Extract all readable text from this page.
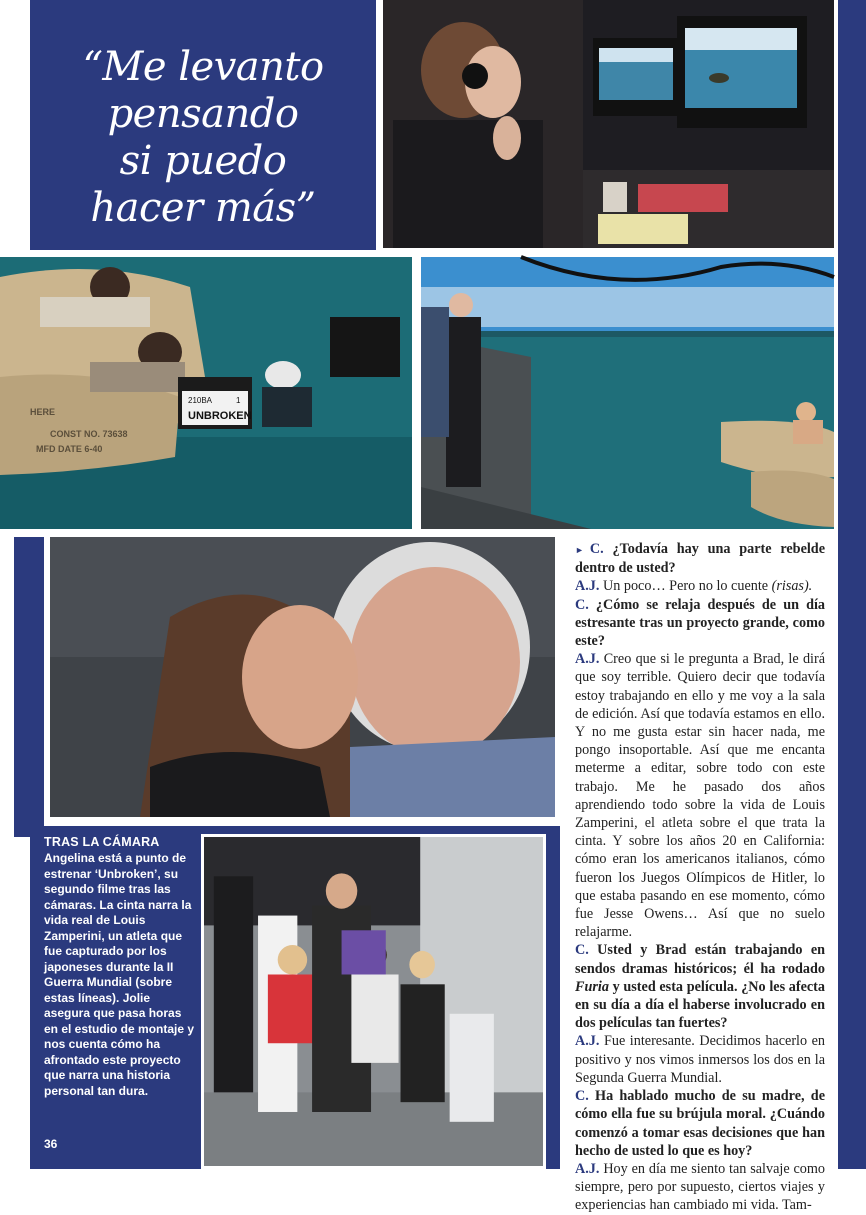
“Me levanto
pensando
si puedo
hacer más”
HERE
CONST NO. 73638
MFD DATE 6-40
UNBROKEN
210BA	1
TRAS LA CÁMARA
Angelina está a punto de estrenar ‘Unbroken’, su segundo filme tras las cámaras. La cinta narra la vida real de Louis Zamperini, un atleta que fue capturado por los japoneses durante la II Guerra Mundial (sobre estas líneas). Jolie asegura que pasa horas en el estudio de montaje y nos cuenta cómo ha afrontado este proyecto que narra una historia personal tan dura.
36

► C. ¿Todavía hay una parte rebelde dentro de usted?

A.J. Un poco… Pero no lo cuente (risas).

C. ¿Cómo se relaja después de un día estresante tras un proyecto grande, como este?

A.J. Creo que si le pregunta a Brad, le dirá que soy terrible. Quiero decir que todavía estoy trabajando en ello y me voy a la sala de edición. Así que todavía estamos en ello. Y no me gusta estar sin hacer nada, me pongo insoportable. Así que me encanta meterme a editar, sobre todo con este trabajo. Me he pasado dos años aprendiendo todo sobre la vida de Louis Zamperini, el atleta sobre el que trata la cinta. Y sobre los años 20 en California: cómo eran los americanos italianos, cómo fueron los Juegos Olímpicos de Hitler, lo que estaba pasando en ese momento, cómo fue Jesse Owens… Así que no suelo relajarme.

C. Usted y Brad están trabajando en sendos dramas históricos; él ha rodado Furia y usted esta película. ¿No les afecta en su día a día el haberse involucrado en dos películas tan fuertes?

A.J. Fue interesante. Decidimos hacerlo en positivo y nos vimos inmersos los dos en la Segunda Guerra Mundial.

C. Ha hablado mucho de su madre, de cómo ella fue su brújula moral. ¿Cuándo comenzó a tomar esas decisiones que han hecho de usted lo que es hoy?

A.J. Hoy en día me siento tan salvaje como siempre, pero por supuesto, ciertos viajes y experiencias han cambiado mi vida. Tam-
